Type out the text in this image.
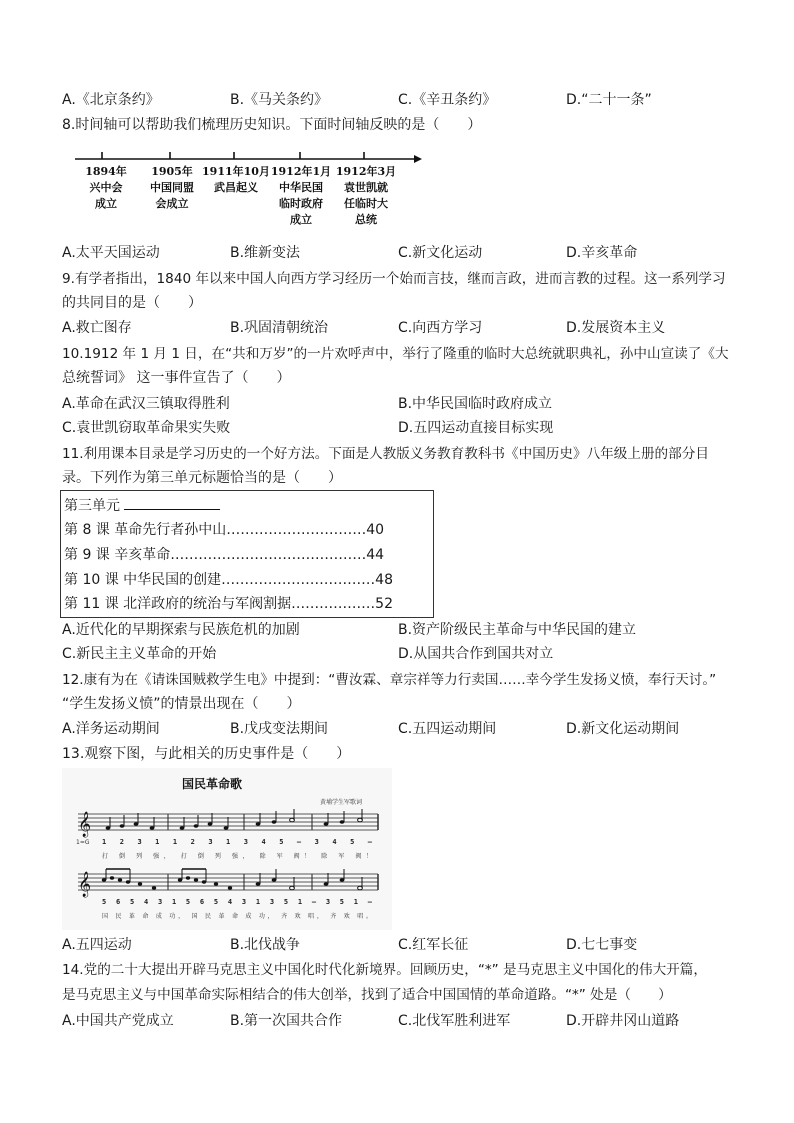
A.《北京条约》	B.《马关条约》	C.《辛丑条约》	D.“二十一条”
8.时间轴可以帮助我们梳理历史知识。下面时间轴反映的是（　　）
1894年
兴中会
成立
1905年
中国同盟
会成立
1911年10月
武昌起义
1912年1月
中华民国
临时政府
成立
1912年3月
袁世凯就
任临时大
总统
A.太平天国运动	B.维新变法	C.新文化运动	D.辛亥革命
9.有学者指出，1840 年以来中国人向西方学习经历一个始而言技，继而言政，进而言教的过程。这一系列学习
的共同目的是（　　）
A.救亡图存	B.巩固清朝统治	C.向西方学习	D.发展资本主义
10.1912 年 1 月 1 日，在“共和万岁”的一片欢呼声中，举行了隆重的临时大总统就职典礼，孙中山宣读了《大
总统誓词》 这一事件宣告了（　　）
A.革命在武汉三镇取得胜利	B.中华民国临时政府成立
C.袁世凯窃取革命果实失败	D.五四运动直接目标实现
11.利用课本目录是学习历史的一个好方法。下面是人教版义务教育教科书《中国历史》八年级上册的部分目
录。下列作为第三单元标题恰当的是（　　）
第三单元
第 8 课 革命先行者孙中山…………………………40
第 9 课 辛亥革命……………………………………44
第 10 课 中华民国的创建……………………………48
第 11 课 北洋政府的统治与军阀割据………………52
A.近代化的早期探索与民族危机的加剧	B.资产阶级民主革命与中华民国的建立
C.新民主主义革命的开始	D.从国共合作到国共对立
12.康有为在《请诛国贼救学生电》中提到：“曹汝霖、章宗祥等力行卖国……幸今学生发扬义愤，奉行天讨。”
“学生发扬义愤”的情景出现在（　　）
A.洋务运动期间	B.戊戌变法期间	C.五四运动期间	D.新文化运动期间
13.观察下图，与此相关的历史事件是（　　）
国民革命歌
黄埔学生军歌词
𝄞
1=G 1 2 3 1 1 2 3 1 3 4 5 — 3 4 5 —
打 倒 列 强， 打 倒 列 强， 除 军 阀！ 除 军 阀！
𝄞
5 6 5 4 3 1 5 6 5 4 3 1 3 5 1 — 3 5 1 —
国 民 革 命 成 功， 国 民 革 命 成 功， 齐 欢 唱， 齐 欢 唱。
A.五四运动	B.北伐战争	C.红军长征	D.七七事变
14.党的二十大提出开辟马克思主义中国化时代化新境界。回顾历史，“*” 是马克思主义中国化的伟大开篇，
是马克思主义与中国革命实际相结合的伟大创举，找到了适合中国国情的革命道路。“*” 处是（　　）
A.中国共产党成立	B.第一次国共合作	C.北伐军胜利进军	D.开辟井冈山道路
